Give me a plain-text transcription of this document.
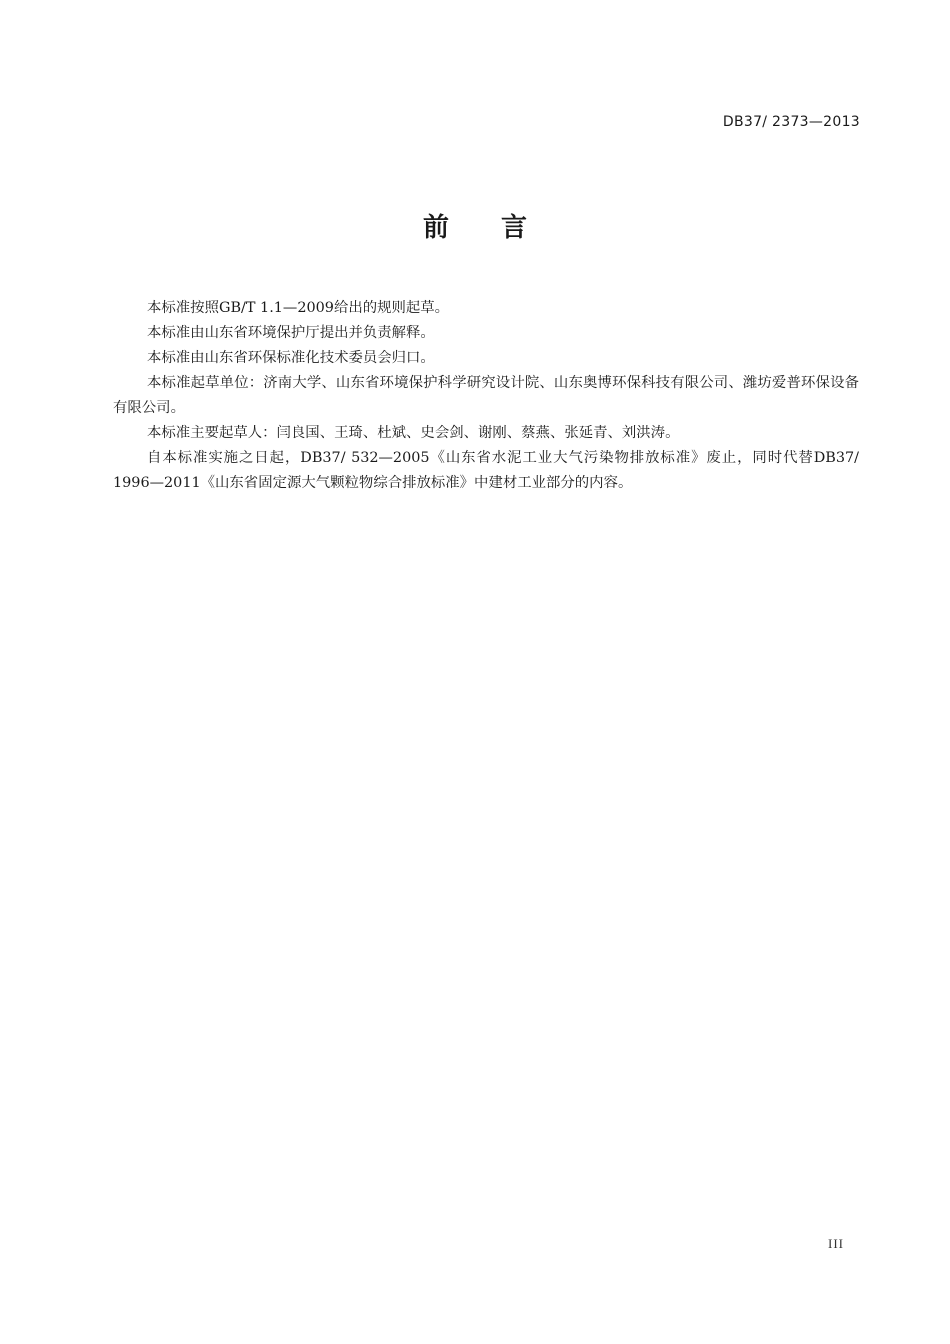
DB37/ 2373—2013
前言

本标准按照GB/T 1.1—2009给出的规则起草。

本标准由山东省环境保护厅提出并负责解释。

本标准由山东省环保标准化技术委员会归口。

本标准起草单位：济南大学、山东省环境保护科学研究设计院、山东奥博环保科技有限公司、潍坊爱普环保设备有限公司。

本标准主要起草人：闫良国、王琦、杜斌、史会剑、谢刚、蔡燕、张延青、刘洪涛。

自本标准实施之日起，DB37/ 532—2005《山东省水泥工业大气污染物排放标准》废止，同时代替DB37/ 1996—2011《山东省固定源大气颗粒物综合排放标准》中建材工业部分的内容。

III
